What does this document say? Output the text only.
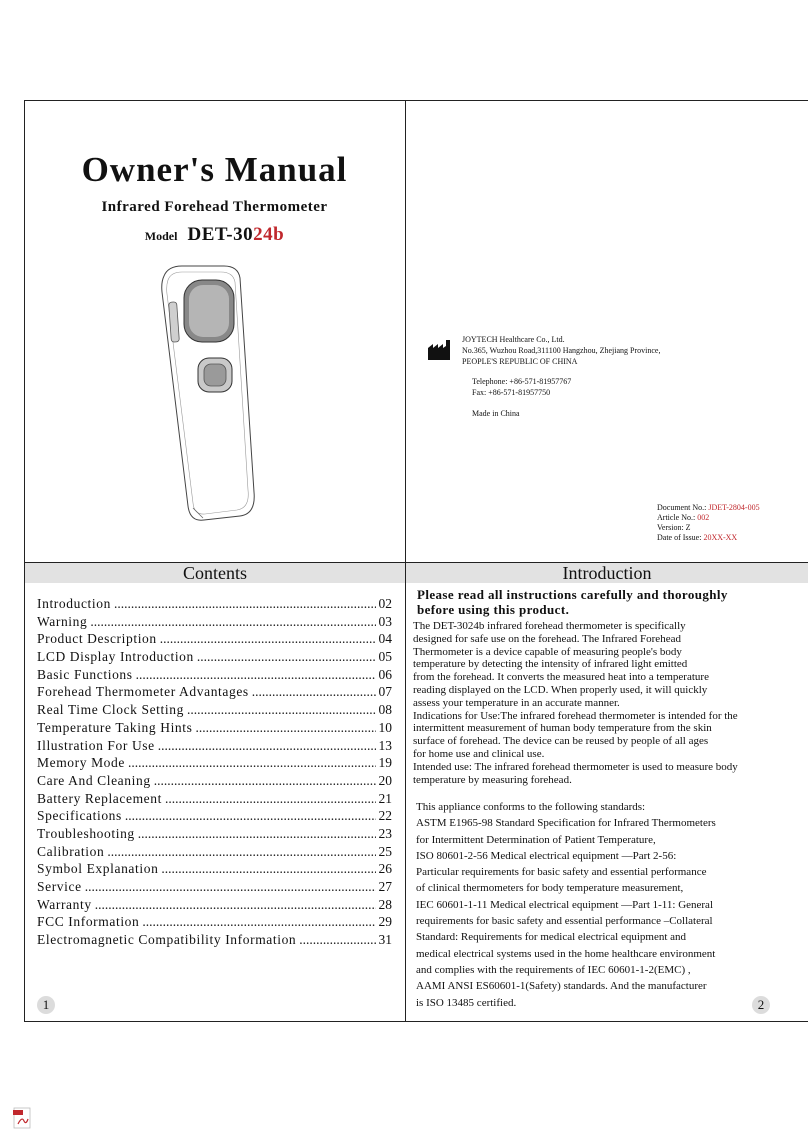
Owner's Manual
Infrared Forehead Thermometer
Model DET-3024b
JOYTECH Healthcare Co., Ltd.
No.365, Wuzhou Road,311100 Hangzhou, Zhejiang Province,
PEOPLE'S REPUBLIC OF CHINA
Telephone: +86-571-81957767
Fax: +86-571-81957750
Made in China
Document No.: JDET-2804-005
Article No.: 002
Version: Z
Date of Issue: 20XX-XX
Contents
Introduction .....	02
Warning .....	03
Product Description .....	04
LCD Display Introduction .....	05
Basic Functions .....	06
Forehead Thermometer Advantages .....	07
Real Time Clock Setting .....	08
Temperature Taking Hints .....	10
Illustration For Use .....	13
Memory Mode .....	19
Care And Cleaning .....	20
Battery Replacement .....	21
Specifications .....	22
Troubleshooting .....	23
Calibration .....	25
Symbol Explanation .....	26
Service .....	27
Warranty .....	28
FCC Information .....	29
Electromagnetic Compatibility Information .....	31
1
Introduction
Please read all instructions carefully and thoroughly
before using this product.

The DET-3024b infrared forehead thermometer is specifically

designed for safe use on the forehead. The Infrared Forehead

Thermometer is a device capable of measuring people's body

temperature by detecting the intensity of infrared light emitted

from the forehead. It converts the measured heat into a temperature

reading displayed on the LCD. When properly used, it will quickly

assess your temperature in an accurate manner.

Indications for Use:The infrared forehead thermometer is intended for the

intermittent measurement of human body temperature from the skin

surface of forehead. The device can be reused by people of all ages

for home use and clinical use.

Intended use: The infrared forehead thermometer is used to measure body

temperature by measuring forehead.

This appliance conforms to the following standards:

ASTM E1965-98 Standard Specification for Infrared Thermometers

for Intermittent Determination of Patient Temperature,

ISO 80601-2-56 Medical electrical equipment —Part 2-56:

Particular requirements for basic safety and essential performance

of clinical thermometers for body temperature measurement,

IEC 60601-1-11 Medical electrical equipment —Part 1-11: General

requirements for basic safety and essential performance –Collateral

Standard: Requirements for medical electrical equipment and

medical electrical systems used in the home healthcare environment

and complies with the requirements of IEC 60601-1-2(EMC) ,

AAMI ANSI ES60601-1(Safety) standards. And the manufacturer

is ISO 13485 certified.	2
